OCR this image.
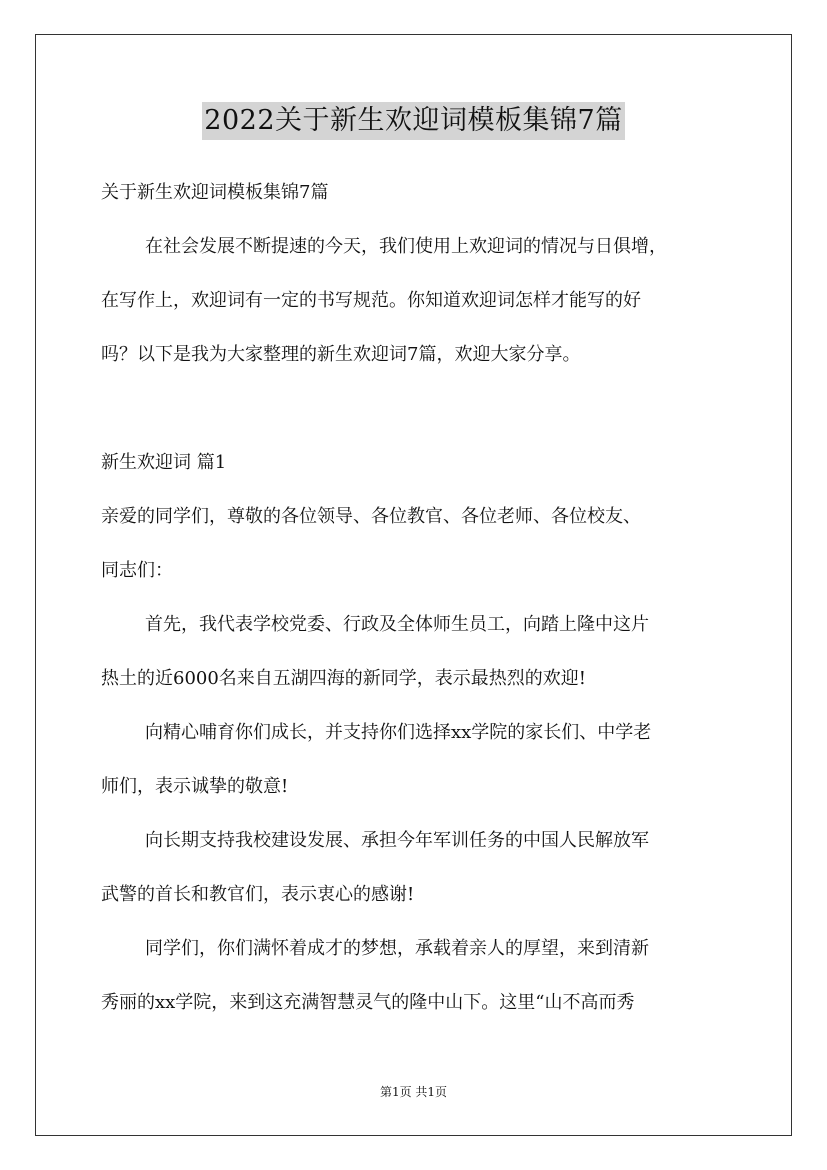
2022关于新生欢迎词模板集锦7篇
关于新生欢迎词模板集锦7篇
在社会发展不断提速的今天，我们使用上欢迎词的情况与日俱增，
在写作上，欢迎词有一定的书写规范。你知道欢迎词怎样才能写的好
吗？以下是我为大家整理的新生欢迎词7篇，欢迎大家分享。
新生欢迎词 篇1
亲爱的同学们，尊敬的各位领导、各位教官、各位老师、各位校友、
同志们：
首先，我代表学校党委、行政及全体师生员工，向踏上隆中这片
热土的近6000名来自五湖四海的新同学，表示最热烈的欢迎!
向精心哺育你们成长，并支持你们选择xx学院的家长们、中学老
师们，表示诚挚的敬意!
向长期支持我校建设发展、承担今年军训任务的中国人民解放军
武警的首长和教官们，表示衷心的感谢!
同学们，你们满怀着成才的梦想，承载着亲人的厚望，来到清新
秀丽的xx学院，来到这充满智慧灵气的隆中山下。这里“山不高而秀
第1页 共1页
